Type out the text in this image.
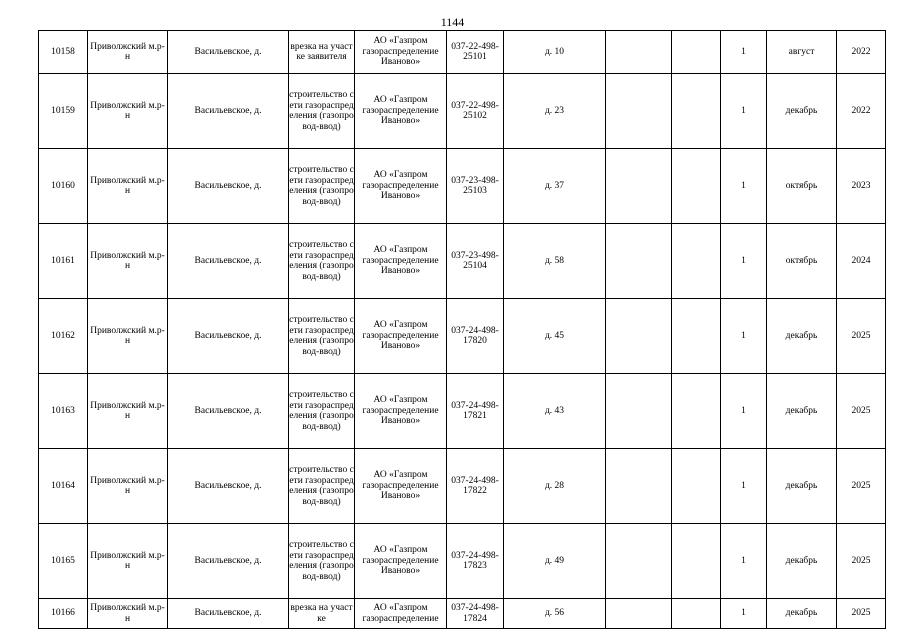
1144
10158	Приволжский м.р-н	Васильевское, д.	врезка на участке заявителя	АО «Газпром газораспределение Иваново»	037-22-498-25101	д. 10			1	август	2022
10159	Приволжский м.р-н	Васильевское, д.	строительство сети газораспределения (газопровод-ввод)	АО «Газпром газораспределение Иваново»	037-22-498-25102	д. 23			1	декабрь	2022
10160	Приволжский м.р-н	Васильевское, д.	строительство сети газораспределения (газопровод-ввод)	АО «Газпром газораспределение Иваново»	037-23-498-25103	д. 37			1	октябрь	2023
10161	Приволжский м.р-н	Васильевское, д.	строительство сети газораспределения (газопровод-ввод)	АО «Газпром газораспределение Иваново»	037-23-498-25104	д. 58			1	октябрь	2024
10162	Приволжский м.р-н	Васильевское, д.	строительство сети газораспределения (газопровод-ввод)	АО «Газпром газораспределение Иваново»	037-24-498-17820	д. 45			1	декабрь	2025
10163	Приволжский м.р-н	Васильевское, д.	строительство сети газораспределения (газопровод-ввод)	АО «Газпром газораспределение Иваново»	037-24-498-17821	д. 43			1	декабрь	2025
10164	Приволжский м.р-н	Васильевское, д.	строительство сети газораспределения (газопровод-ввод)	АО «Газпром газораспределение Иваново»	037-24-498-17822	д. 28			1	декабрь	2025
10165	Приволжский м.р-н	Васильевское, д.	строительство сети газораспределения (газопровод-ввод)	АО «Газпром газораспределение Иваново»	037-24-498-17823	д. 49			1	декабрь	2025
10166	Приволжский м.р-н	Васильевское, д.	врезка на участке	АО «Газпром газораспределение	037-24-498-17824	д. 56			1	декабрь	2025
